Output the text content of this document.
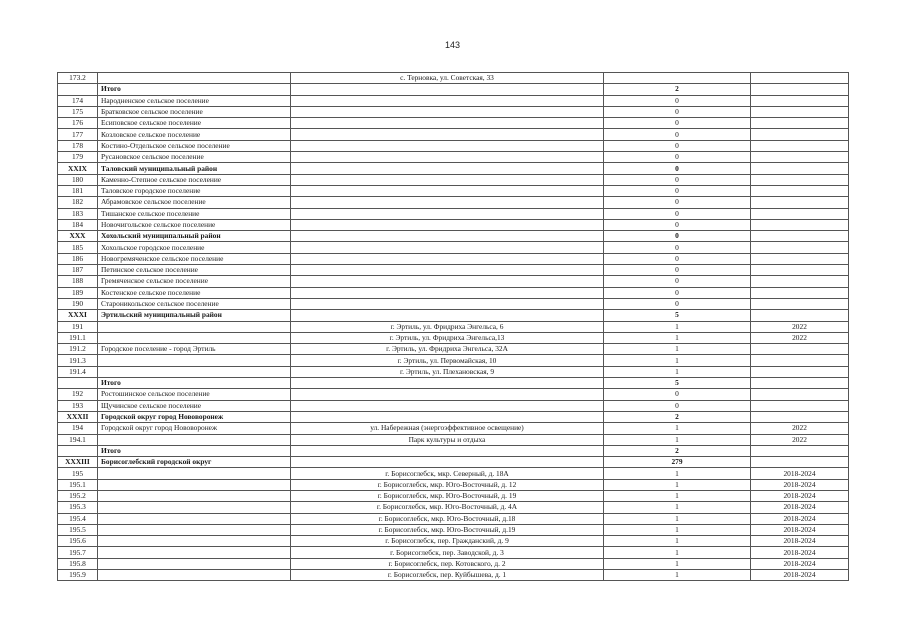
143
173.2		с. Терновка, ул. Советская, 33		
	Итого		2	
174	Народненское сельское поселение		0	
175	Братковское сельское поселение		0	
176	Есиповское сельское поселение		0	
177	Козловское сельское поселение		0	
178	Костино-Отдельское сельское поселение		0	
179	Русановское сельское поселение		0	
XXIX	Таловский муниципальный район		0	
180	Каменно-Степное сельское поселение		0	
181	Таловское городское поселение		0	
182	Абрамовское сельское поселение		0	
183	Тишанское сельское поселение		0	
184	Новочигольское сельское поселение		0	
XXX	Хохольский муниципальный район		0	
185	Хохольское городское поселение		0	
186	Новогремяченское сельское поселение		0	
187	Петинское сельское поселение		0	
188	Гремяченское сельское поселение		0	
189	Костенское сельское поселение		0	
190	Староникольское сельское поселение		0	
XXXI	Эртильский муниципальный район		5	
191		г. Эртиль, ул. Фридриха Энгельса, 6	1	2022
191.1		г. Эртиль, ул. Фридриха Энгельса,13	1	2022
191.2	Городское поселение - город Эртиль	г. Эртиль, ул. Фридриха Энгельса, 32А	1	
191.3		г. Эртиль, ул. Первомайская, 10	1	
191.4		г. Эртиль, ул. Плехановская, 9	1	
	Итого		5	
192	Ростошинское сельское поселение		0	
193	Щучинское сельское поселение		0	
XXXII	Городской округ город Нововоронеж		2	
194	Городской округ город Нововоронеж	ул. Набережная (энергоэффективное освещение)	1	2022
194.1		Парк культуры и отдыха	1	2022
	Итого		2	
XXXIII	Борисоглебский городской округ		279	
195		г. Борисоглебск, мкр. Северный, д. 18А	1	2018-2024
195.1		г. Борисоглебск, мкр. Юго-Восточный, д. 12	1	2018-2024
195.2		г. Борисоглебск, мкр. Юго-Восточный, д. 19	1	2018-2024
195.3		г. Борисоглебск, мкр. Юго-Восточный, д. 4А	1	2018-2024
195.4		г. Борисоглебск, мкр. Юго-Восточный, д.18	1	2018-2024
195.5		г. Борисоглебск, мкр. Юго-Восточный, д.19	1	2018-2024
195.6		г. Борисоглебск, пер. Гражданский, д. 9	1	2018-2024
195.7		г. Борисоглебск, пер. Заводской, д. 3	1	2018-2024
195.8		г. Борисоглебск, пер. Котовского, д. 2	1	2018-2024
195.9		г. Борисоглебск, пер. Куйбышева, д. 1	1	2018-2024
